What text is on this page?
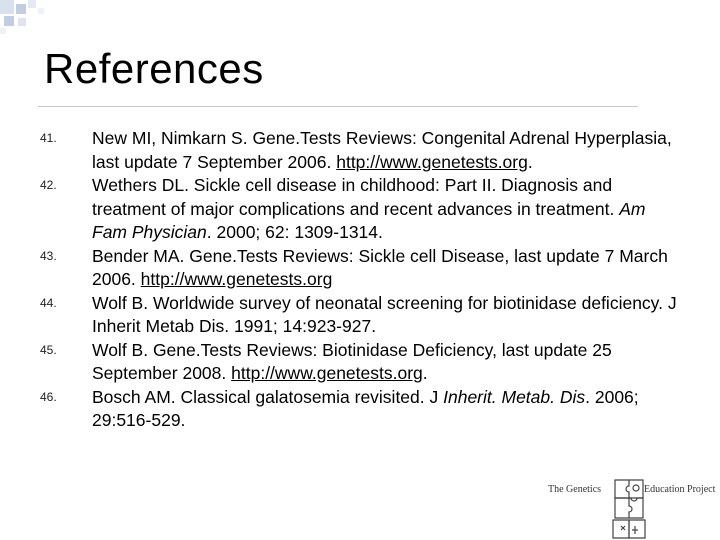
References
41.	New MI, Nimkarn S. Gene.Tests Reviews: Congenital Adrenal Hyperplasia, last update 7 September 2006. http://www.genetests.org.
42.	Wethers DL. Sickle cell disease in childhood: Part II. Diagnosis and treatment of major complications and recent advances in treatment. Am Fam Physician. 2000; 62: 1309-1314.
43.	Bender MA. Gene.Tests Reviews: Sickle cell Disease, last update 7 March 2006. http://www.genetests.org
44.	Wolf B. Worldwide survey of neonatal screening for biotinidase deficiency. J Inherit Metab Dis. 1991; 14:923-927.
45.	Wolf B. Gene.Tests Reviews: Biotinidase Deficiency, last update 25 September 2008. http://www.genetests.org.
46.	Bosch AM. Classical galatosemia revisited. J Inherit. Metab. Dis. 2006; 29:516-529.
The Genetics	Education Project
